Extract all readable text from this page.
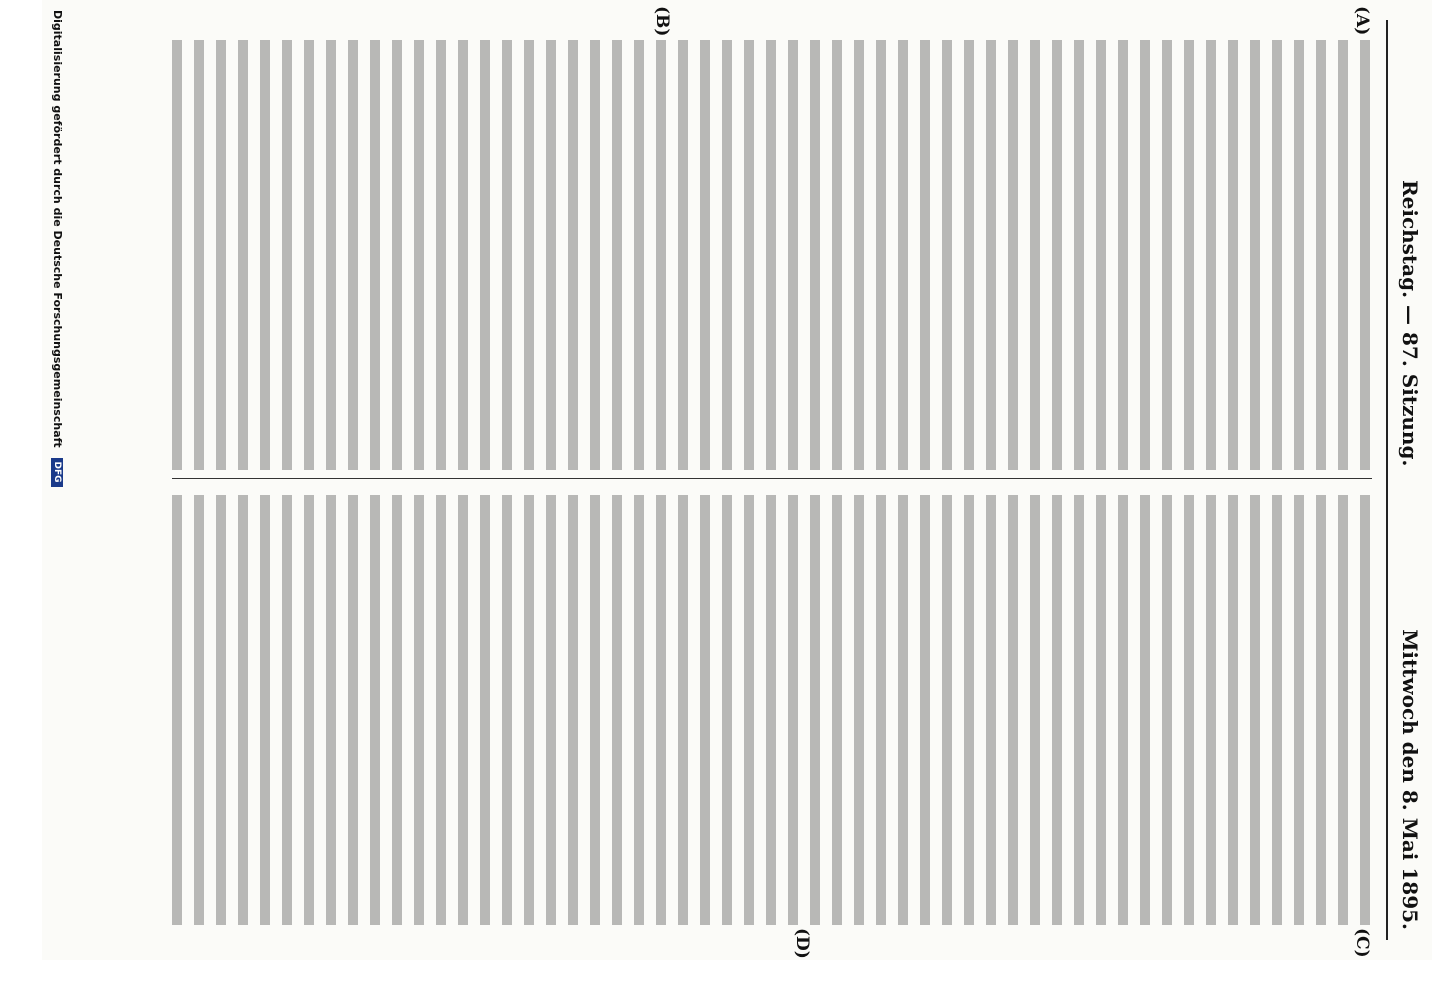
Reichstag. — 87. Sitzung.
Mittwoch den 8. Mai 1895.
(A)
(B)
(C)
(D)
Digitalisierung gefördert durch die Deutsche Forschungsgemeinschaft DFG
